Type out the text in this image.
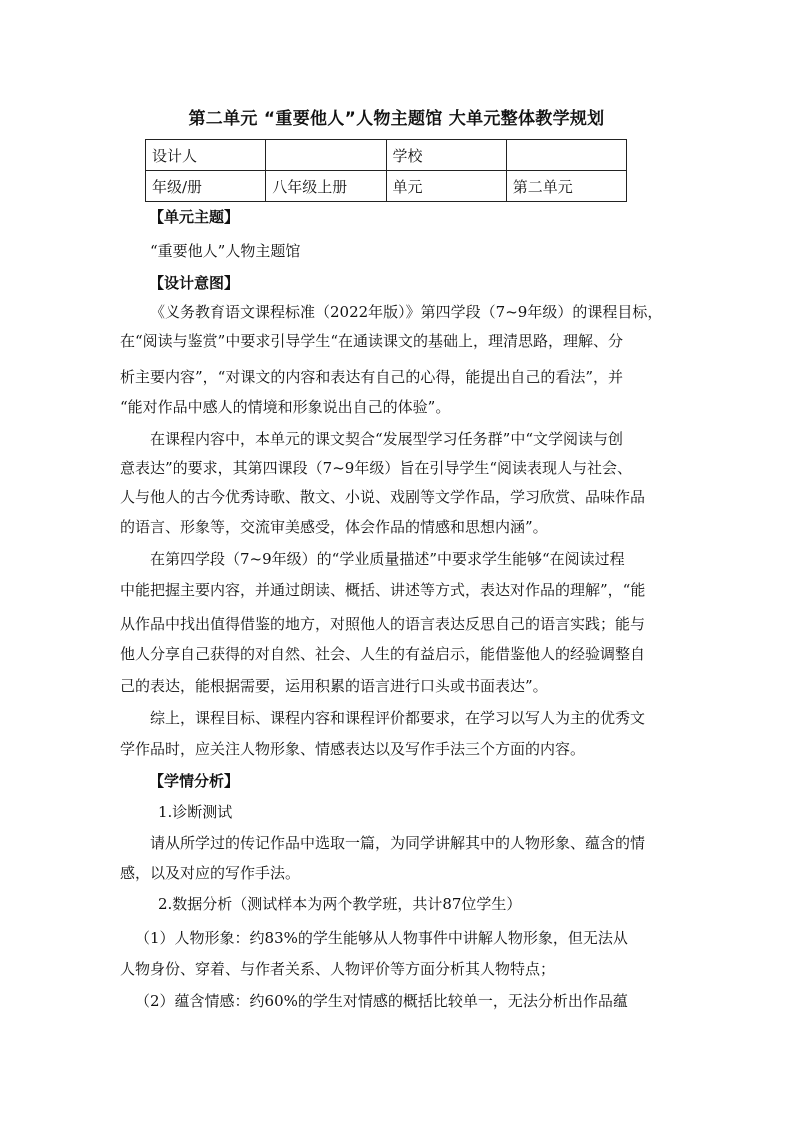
第二单元 “重要他人”人物主题馆 大单元整体教学规划
设计人		学校	
年级/册	八年级上册	单元	第二单元
【单元主题】
“重要他人”人物主题馆
【设计意图】
《义务教育语文课程标准（2022年版）》第四学段（7~9年级）的课程目标，
在“阅读与鉴赏”中要求引导学生“在通读课文的基础上，理清思路，理解、分
析主要内容”，“对课文的内容和表达有自己的心得，能提出自己的看法”，并
“能对作品中感人的情境和形象说出自己的体验”。
在课程内容中，本单元的课文契合“发展型学习任务群”中“文学阅读与创
意表达”的要求，其第四课段（7~9年级）旨在引导学生“阅读表现人与社会、
人与他人的古今优秀诗歌、散文、小说、戏剧等文学作品，学习欣赏、品味作品
的语言、形象等，交流审美感受，体会作品的情感和思想内涵”。
在第四学段（7~9年级）的“学业质量描述”中要求学生能够“在阅读过程
中能把握主要内容，并通过朗读、概括、讲述等方式，表达对作品的理解”，“能
从作品中找出值得借鉴的地方，对照他人的语言表达反思自己的语言实践；能与
他人分享自己获得的对自然、社会、人生的有益启示，能借鉴他人的经验调整自
己的表达，能根据需要，运用积累的语言进行口头或书面表达”。
综上，课程目标、课程内容和课程评价都要求，在学习以写人为主的优秀文
学作品时，应关注人物形象、情感表达以及写作手法三个方面的内容。
【学情分析】
1.诊断测试
请从所学过的传记作品中选取一篇，为同学讲解其中的人物形象、蕴含的情
感，以及对应的写作手法。
2.数据分析（测试样本为两个教学班，共计87位学生）
（1）人物形象：约83%的学生能够从人物事件中讲解人物形象，但无法从
人物身份、穿着、与作者关系、人物评价等方面分析其人物特点；
（2）蕴含情感：约60%的学生对情感的概括比较单一，无法分析出作品蕴
